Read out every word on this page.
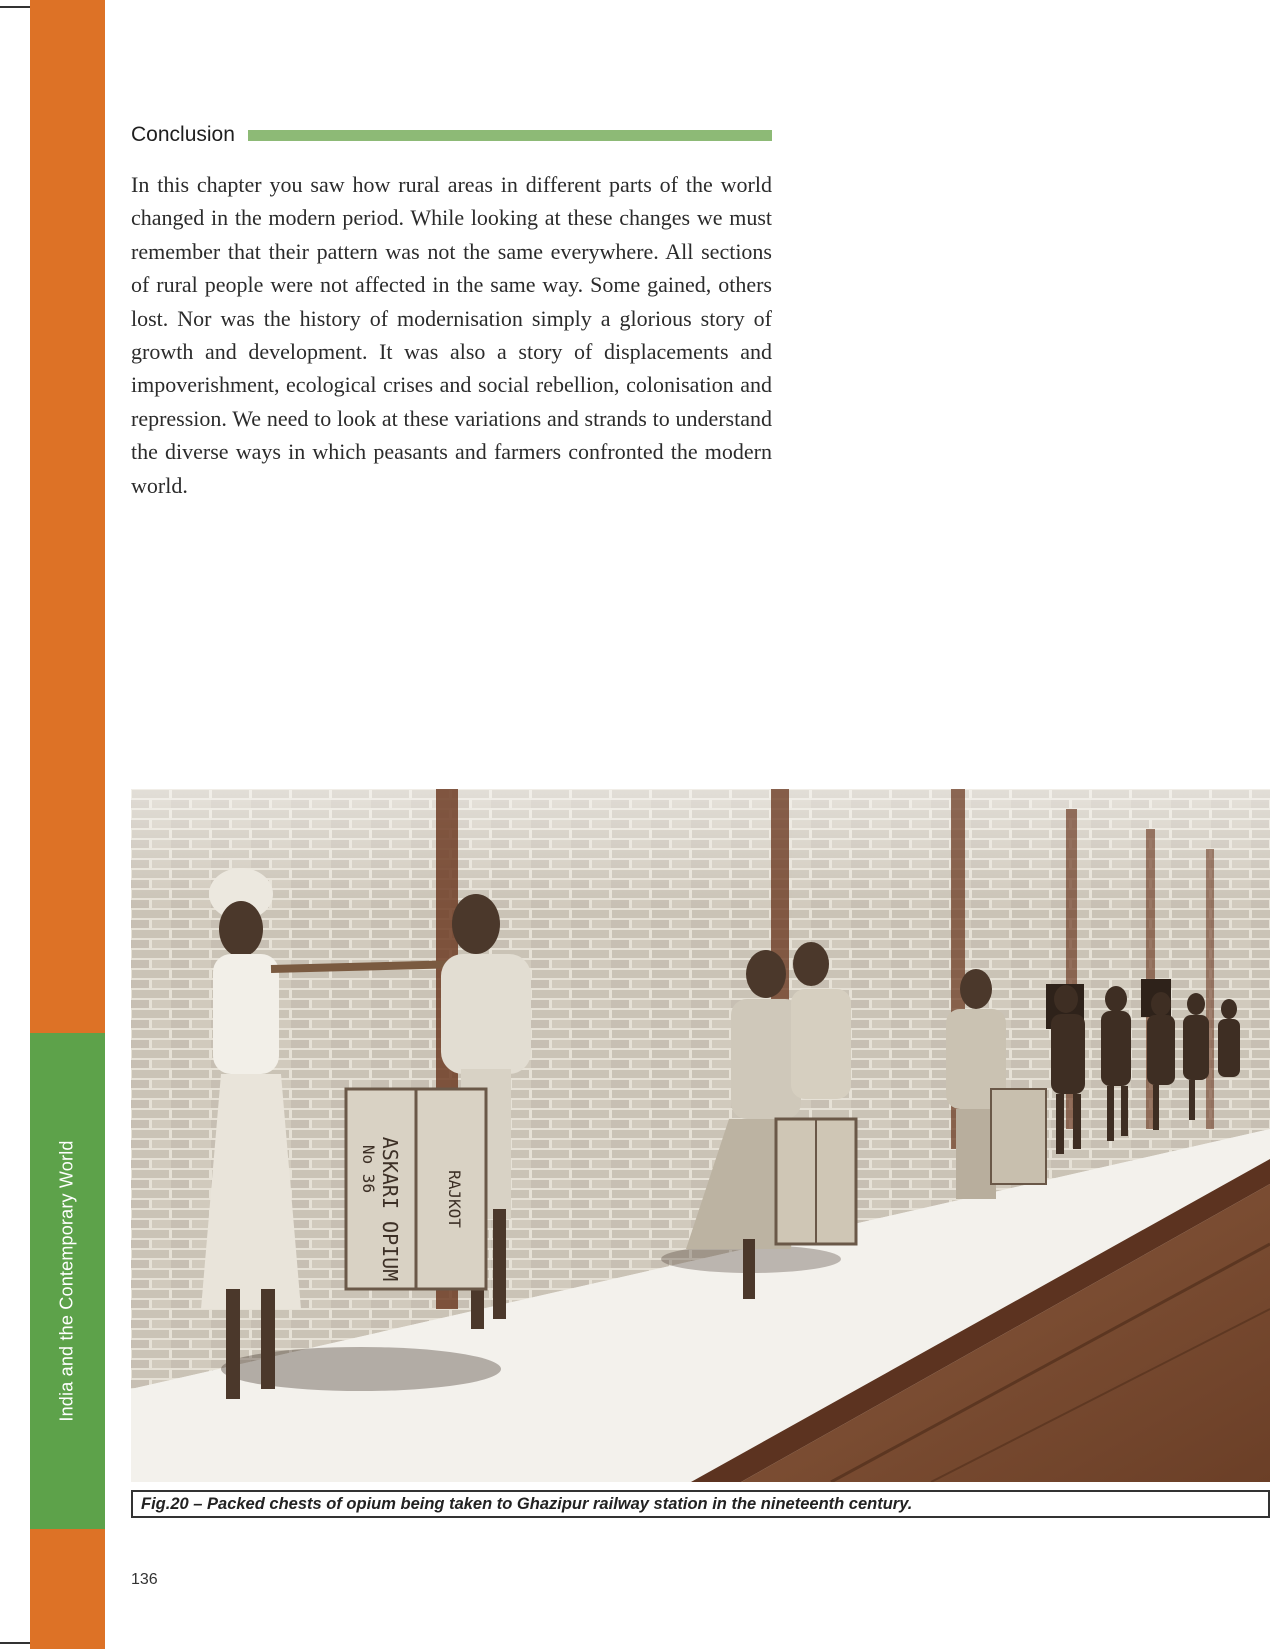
India and the Contemporary World
Conclusion

In this chapter you saw how rural areas in different parts of the world changed in the modern period. While looking at these changes we must remember that their pattern was not the same everywhere. All sections of rural people were not affected in the same way. Some gained, others lost. Nor was the history of modernisation simply a glorious story of growth and development. It was also a story of displacements and impoverishment, ecological crises and social rebellion, colonisation and repression. We need to look at these variations and strands to understand the diverse ways in which peasants and farmers confronted the modern world.

ASKARI OPIUM
No 36
RAJKOT
Fig.20 – Packed chests of opium being taken to Ghazipur railway station in the nineteenth century.
136
